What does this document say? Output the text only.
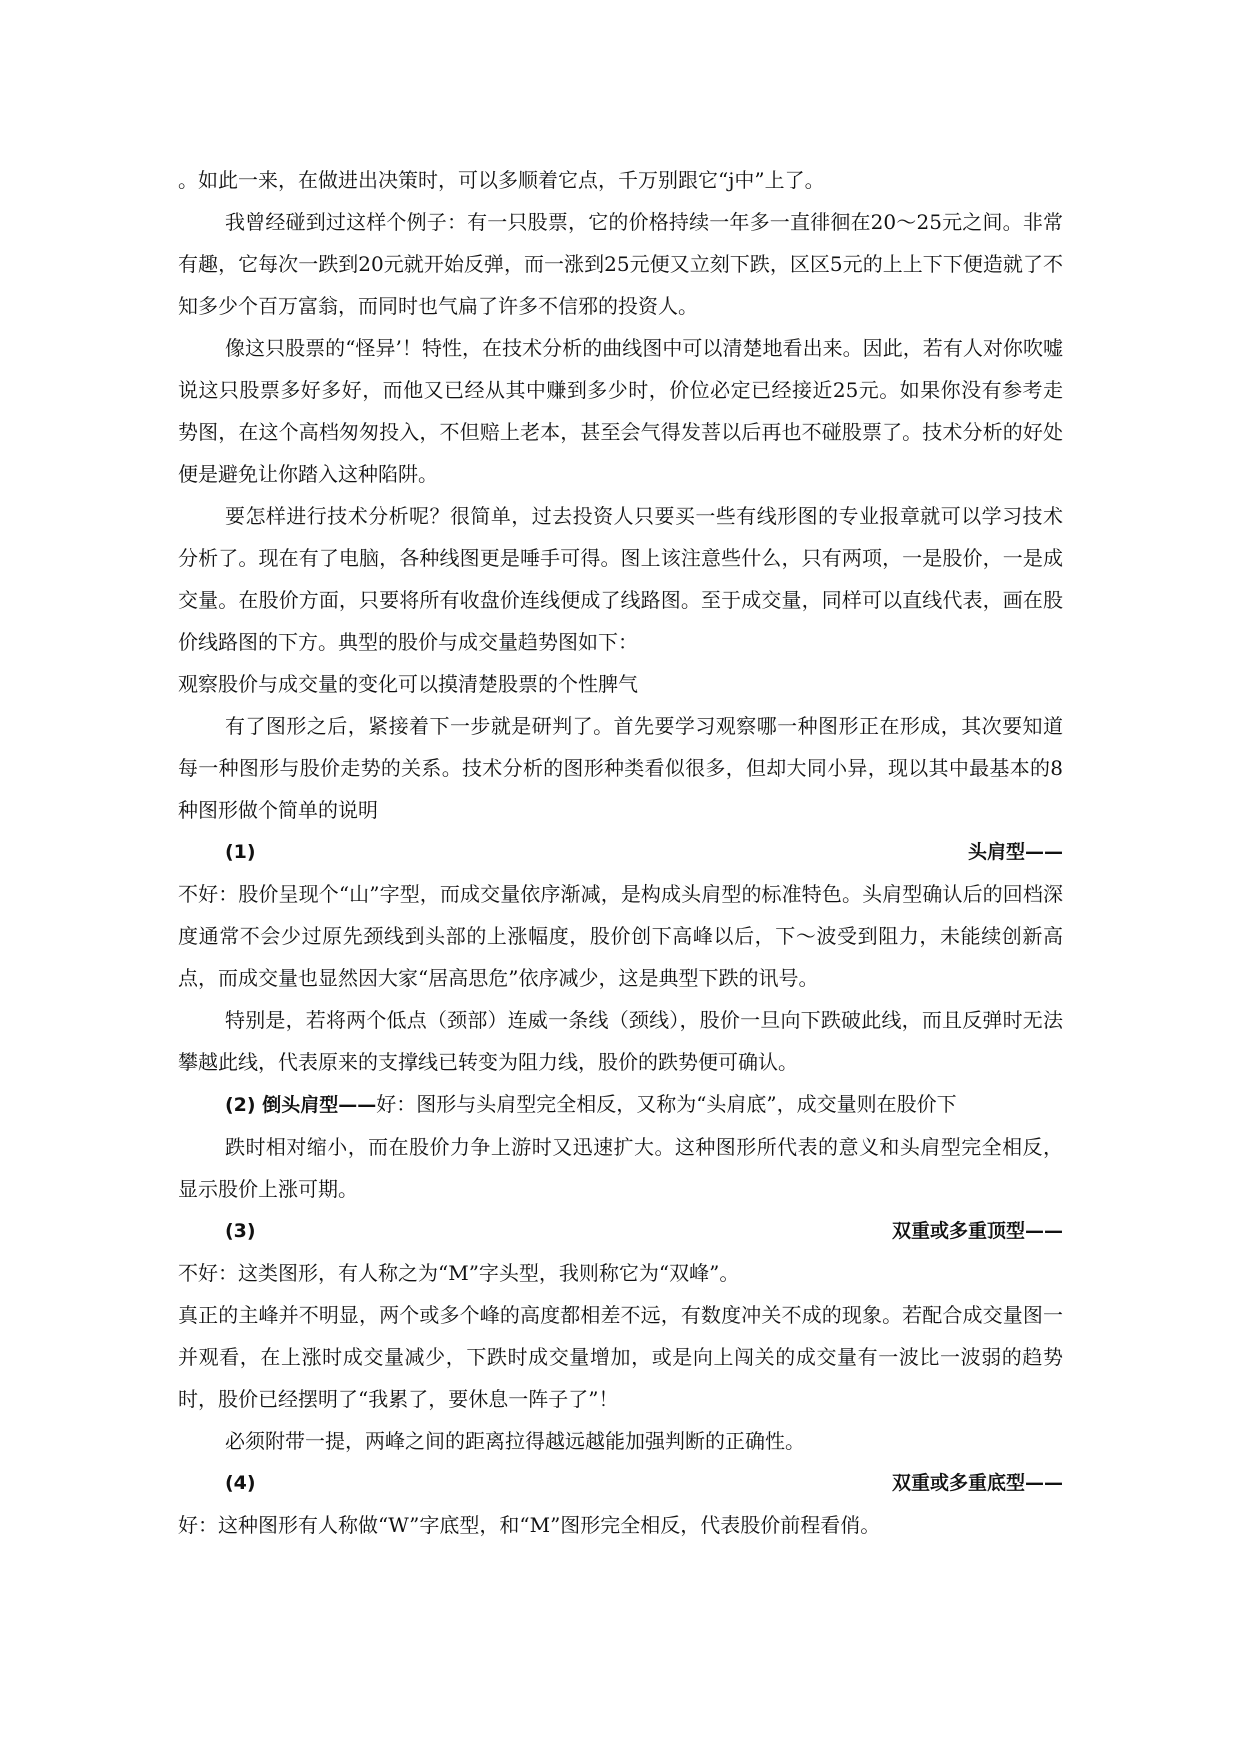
。如此一来，在做进出决策时，可以多顺着它点，千万别跟它“j中”上了。

我曾经碰到过这样个例子：有一只股票，它的价格持续一年多一直徘徊在20～25元之间。非常有趣，它每次一跌到20元就开始反弹，而一涨到25元便又立刻下跌，区区5元的上上下下便造就了不知多少个百万富翁，而同时也气扁了许多不信邪的投资人。

像这只股票的“怪异’！特性，在技术分析的曲线图中可以清楚地看出来。因此，若有人对你吹嘘说这只股票多好多好，而他又已经从其中赚到多少时，价位必定已经接近25元。如果你没有参考走势图，在这个高档匆匆投入，不但赔上老本，甚至会气得发菩以后再也不碰股票了。技术分析的好处便是避免让你踏入这种陷阱。

要怎样进行技术分析呢？很简单，过去投资人只要买一些有线形图的专业报章就可以学习技术分析了。现在有了电脑，各种线图更是唾手可得。图上该注意些什么，只有两项，一是股价，一是成交量。在股价方面，只要将所有收盘价连线便成了线路图。至于成交量，同样可以直线代表，画在股价线路图的下方。典型的股价与成交量趋势图如下：

观察股价与成交量的变化可以摸清楚股票的个性脾气

有了图形之后，紧接着下一步就是研判了。首先要学习观察哪一种图形正在形成，其次要知道每一种图形与股价走势的关系。技术分析的图形种类看似很多，但却大同小异，现以其中最基本的8种图形做个简单的说明

(1)	头肩型——

不好：股价呈现个“山”字型，而成交量依序渐减，是构成头肩型的标准特色。头肩型确认后的回档深度通常不会少过原先颈线到头部的上涨幅度，股价创下高峰以后，下～波受到阻力，未能续创新高点，而成交量也显然因大家“居高思危”依序减少，这是典型下跌的讯号。

特别是，若将两个低点（颈部）连威一条线（颈线），股价一旦向下跌破此线，而且反弹时无法攀越此线，代表原来的支撑线已转变为阻力线，股价的跌势便可确认。

(2) 倒头肩型——好：图形与头肩型完全相反，又称为“头肩底”，成交量则在股价下

跌时相对缩小，而在股价力争上游时又迅速扩大。这种图形所代表的意义和头肩型完全相反，显示股价上涨可期。

(3)	双重或多重顶型——

不好：这类图形，有人称之为“M”字头型，我则称它为“双峰”。

真正的主峰并不明显，两个或多个峰的高度都相差不远，有数度冲关不成的现象。若配合成交量图一并观看，在上涨时成交量减少，下跌时成交量增加，或是向上闯关的成交量有一波比一波弱的趋势时，股价已经摆明了“我累了，要休息一阵子了”！

必须附带一提，两峰之间的距离拉得越远越能加强判断的正确性。

(4)	双重或多重底型——

好：这种图形有人称做“W”字底型，和“M”图形完全相反，代表股价前程看俏。
